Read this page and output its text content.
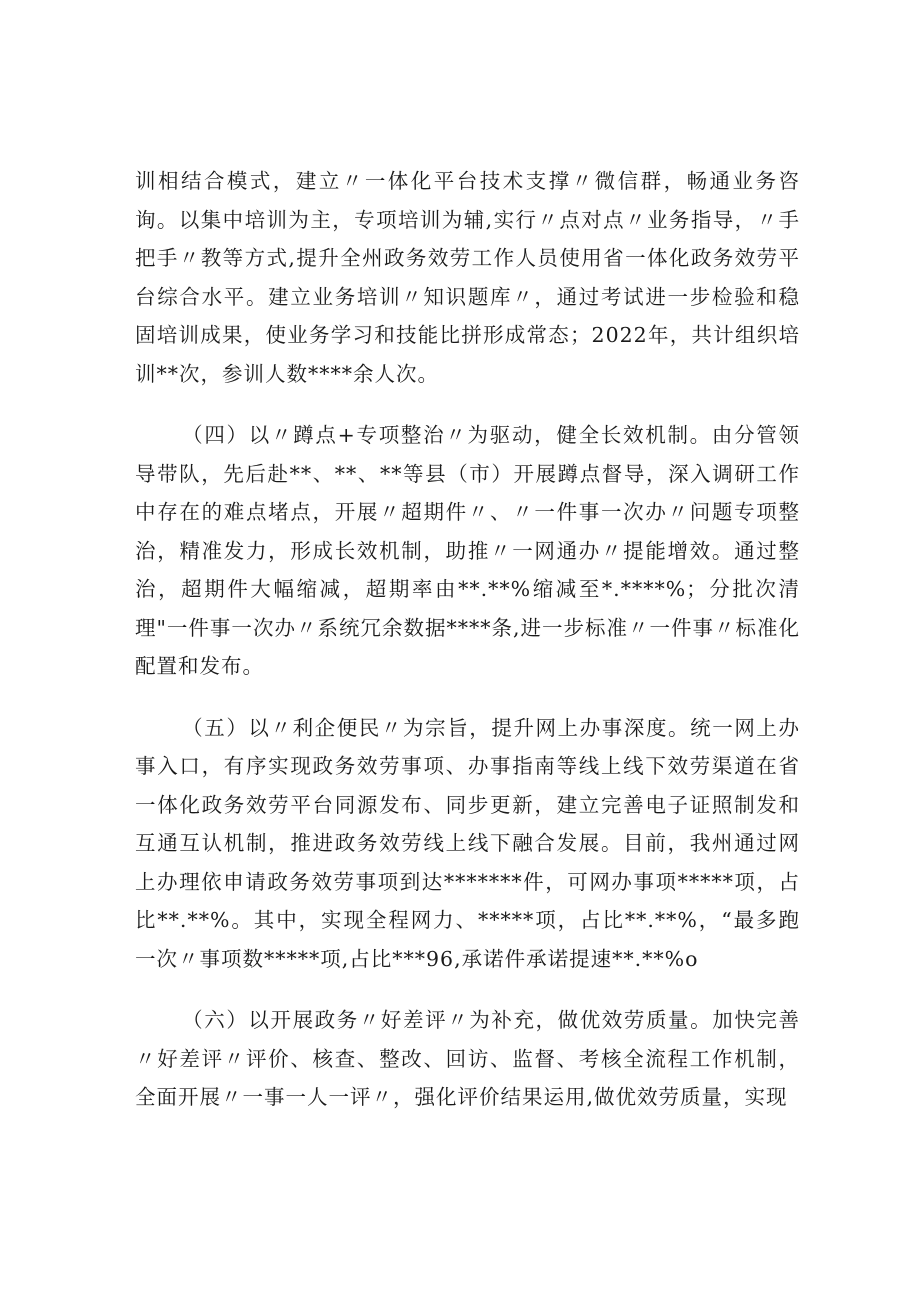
训相结合模式，建立〃一体化平台技术支撑〃微信群，畅通业务咨询。以集中培训为主，专项培训为辅,实行〃点对点〃业务指导，〃手把手〃教等方式,提升全州政务效劳工作人员使用省一体化政务效劳平台综合水平。建立业务培训〃知识题库〃，通过考试进一步检验和稳固培训成果，使业务学习和技能比拼形成常态；2022年，共计组织培训**次，参训人数****余人次。

（四）以〃蹲点+专项整治〃为驱动，健全长效机制。由分管领导带队，先后赴**、**、**等县（市）开展蹲点督导，深入调研工作中存在的难点堵点，开展〃超期件〃、〃一件事一次办〃问题专项整治，精准发力，形成长效机制，助推〃一网通办〃提能增效。通过整治，超期件大幅缩减，超期率由**.**%缩减至*.****%；分批次清理"一件事一次办〃系统冗余数据****条,进一步标准〃一件事〃标准化配置和发布。

（五）以〃利企便民〃为宗旨，提升网上办事深度。统一网上办事入口，有序实现政务效劳事项、办事指南等线上线下效劳渠道在省一体化政务效劳平台同源发布、同步更新，建立完善电子证照制发和互通互认机制，推进政务效劳线上线下融合发展。目前，我州通过网上办理依申请政务效劳事项到达*******件，可网办事项*****项，占比**.**%。其中，实现全程网力、*****项，占比**.**%，“最多跑一次〃事项数*****项,占比***96,承诺件承诺提速**.**%o

（六）以开展政务〃好差评〃为补充，做优效劳质量。加快完善〃好差评〃评价、核查、整改、回访、监督、考核全流程工作机制，全面开展〃一事一人一评〃，强化评价结果运用,做优效劳质量，实现
